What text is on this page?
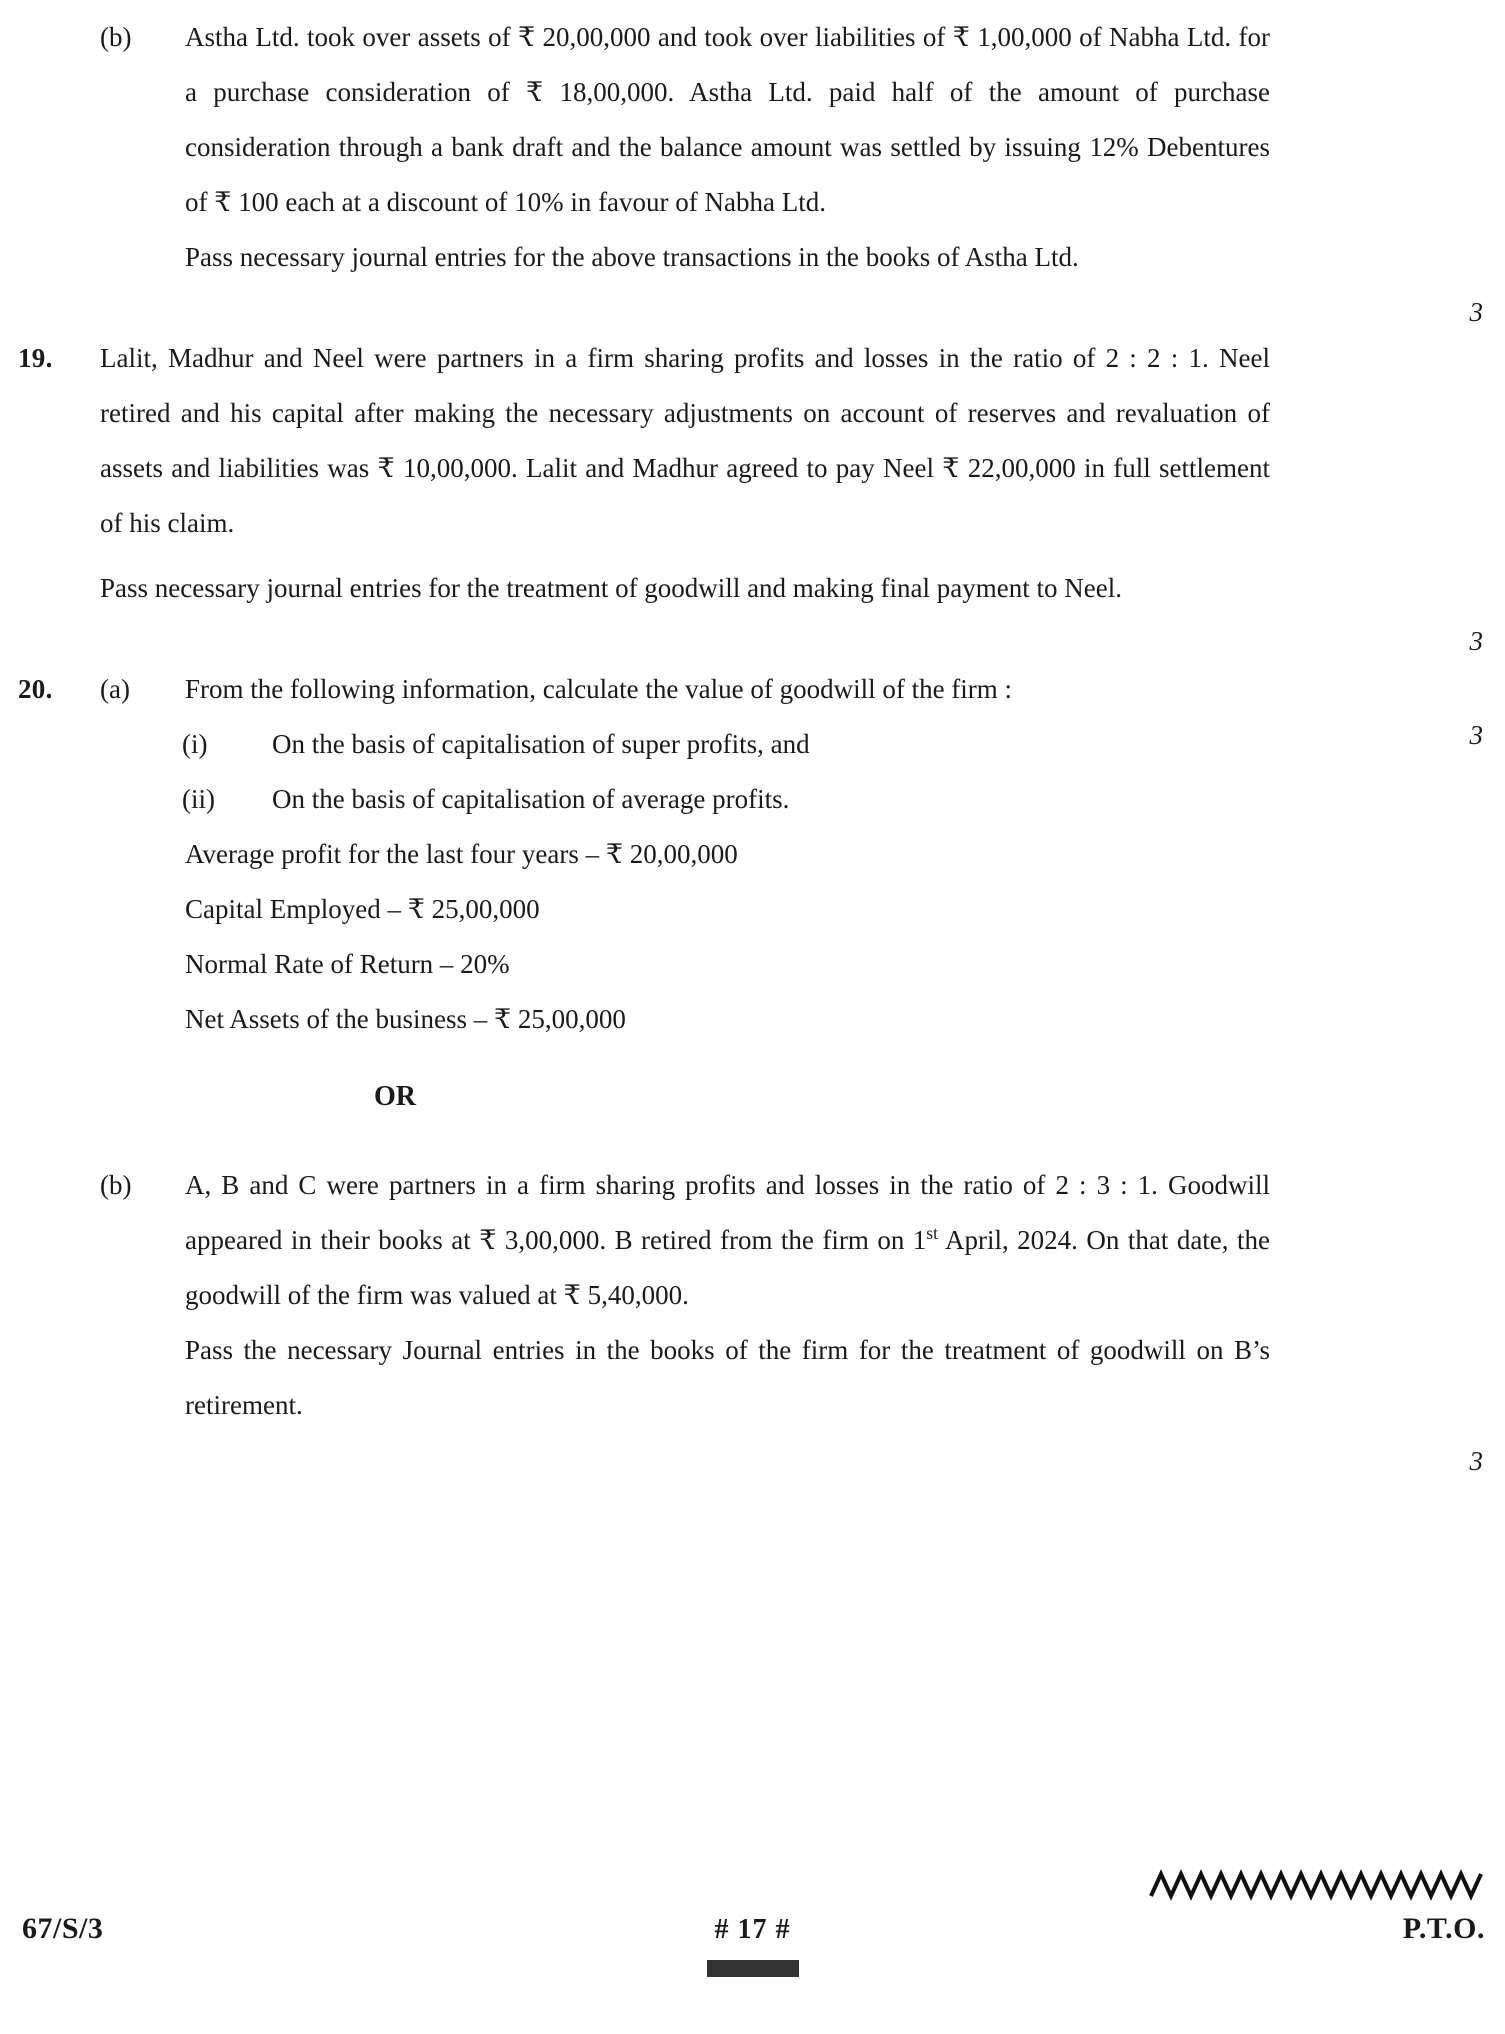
(b)
3
Astha Ltd. took over assets of ₹ 20,00,000 and took over liabilities of ₹ 1,00,000 of Nabha Ltd. for a purchase consideration of ₹ 18,00,000. Astha Ltd. paid half of the amount of purchase consideration through a bank draft and the balance amount was settled by issuing 12% Debentures of ₹ 100 each at a discount of 10% in favour of Nabha Ltd.
Pass necessary journal entries for the above transactions in the books of Astha Ltd.
19.
3
Lalit, Madhur and Neel were partners in a firm sharing profits and losses in the ratio of 2 : 2 : 1. Neel retired and his capital after making the necessary adjustments on account of reserves and revaluation of assets and liabilities was ₹ 10,00,000. Lalit and Madhur agreed to pay Neel ₹ 22,00,000 in full settlement of his claim.
Pass necessary journal entries for the treatment of goodwill and making final payment to Neel.
20.	(a)
3
From the following information, calculate the value of goodwill of the firm :
(i)	On the basis of capitalisation of super profits, and
(ii)	On the basis of capitalisation of average profits.
Average profit for the last four years – ₹ 20,00,000
Capital Employed – ₹ 25,00,000
Normal Rate of Return – 20%
Net Assets of the business – ₹ 25,00,000
OR
(b)
3
A, B and C were partners in a firm sharing profits and losses in the ratio of 2 : 3 : 1. Goodwill appeared in their books at ₹ 3,00,000. B retired from the firm on 1st April, 2024. On that date, the goodwill of the firm was valued at ₹ 5,40,000.
Pass the necessary Journal entries in the books of the firm for the treatment of goodwill on B’s retirement.
67/S/3	# 17 #	P.T.O.
